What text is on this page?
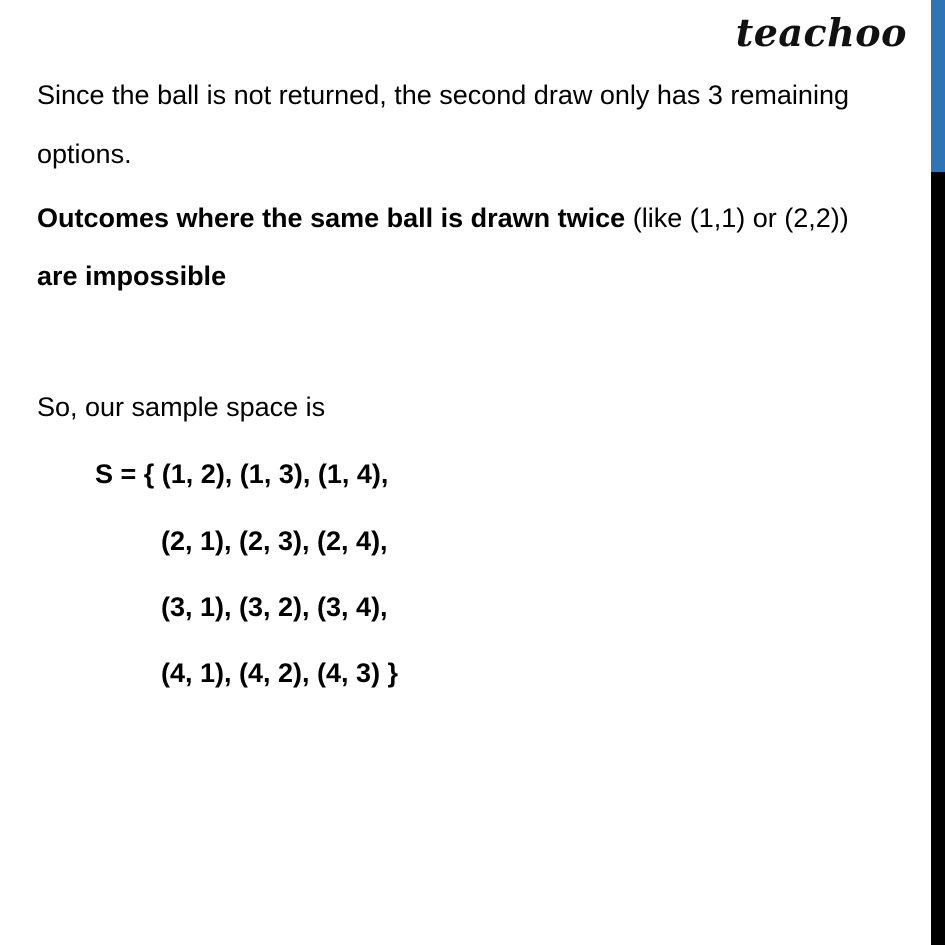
teachoo
Since the ball is not returned, the second draw only has 3 remaining
options.
Outcomes where the same ball is drawn twice (like (1,1) or (2,2))
are impossible
So, our sample space is
S = { (1, 2), (1, 3), (1, 4),
(2, 1), (2, 3), (2, 4),
(3, 1), (3, 2), (3, 4),
(4, 1), (4, 2), (4, 3) }
